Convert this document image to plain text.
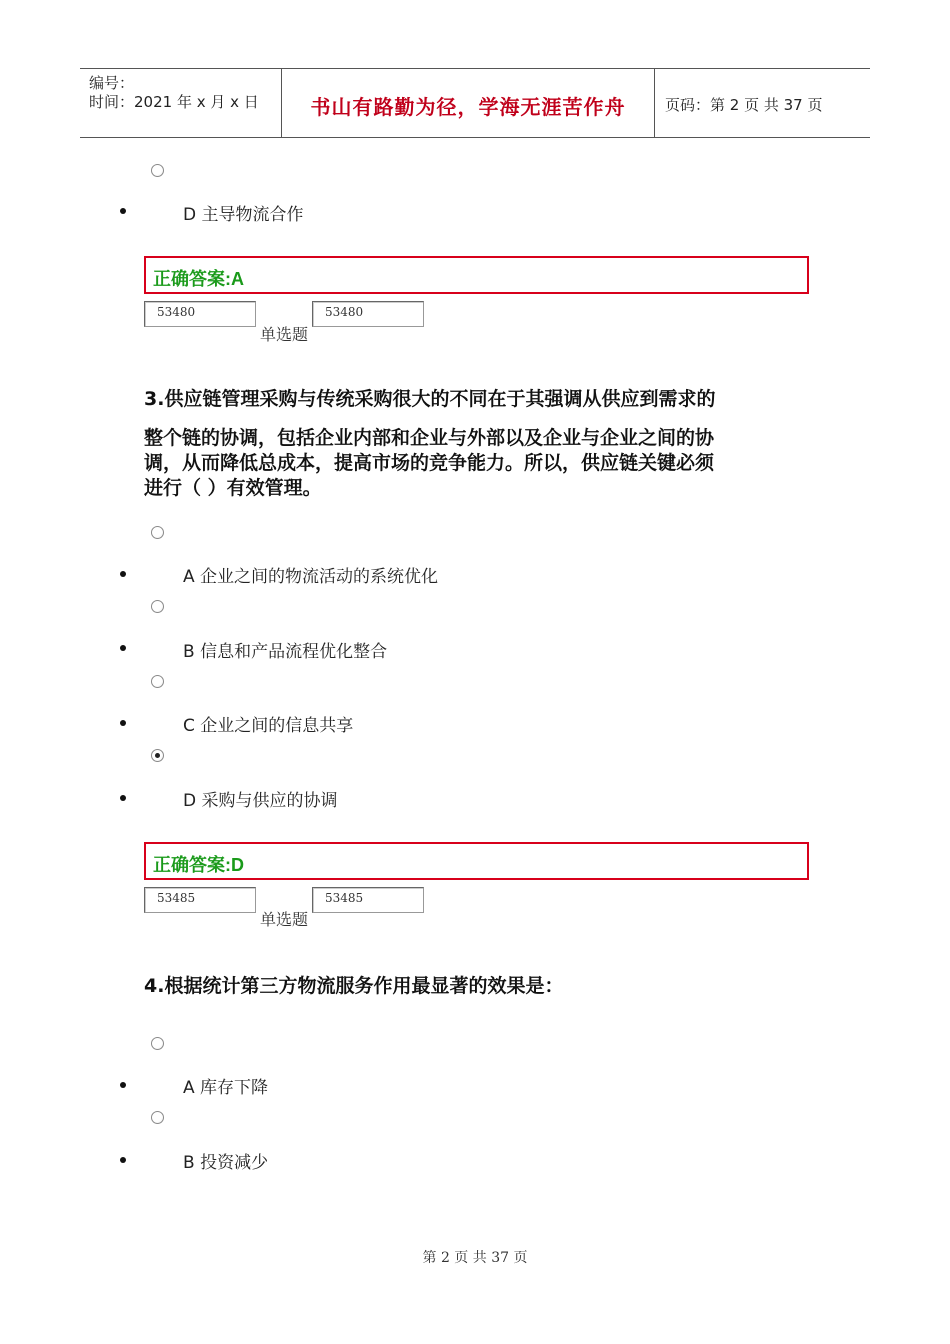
编号：
时间：2021 年 x 月 x 日	书山有路勤为径，学海无涯苦作舟	页码：第 2 页 共 37 页
D 主导物流合作
正确答案:A
53480	53480
单选题
3.供应链管理采购与传统采购很大的不同在于其强调从供应到需求的
整个链的协调，包括企业内部和企业与外部以及企业与企业之间的协
调，从而降低总成本，提高市场的竞争能力。所以，供应链关键必须
进行（ ）有效管理。
A 企业之间的物流活动的系统优化
B 信息和产品流程优化整合
C 企业之间的信息共享
D 采购与供应的协调
正确答案:D
53485	53485
单选题
4.根据统计第三方物流服务作用最显著的效果是：
A 库存下降
B 投资减少
第 2 页 共 37 页
